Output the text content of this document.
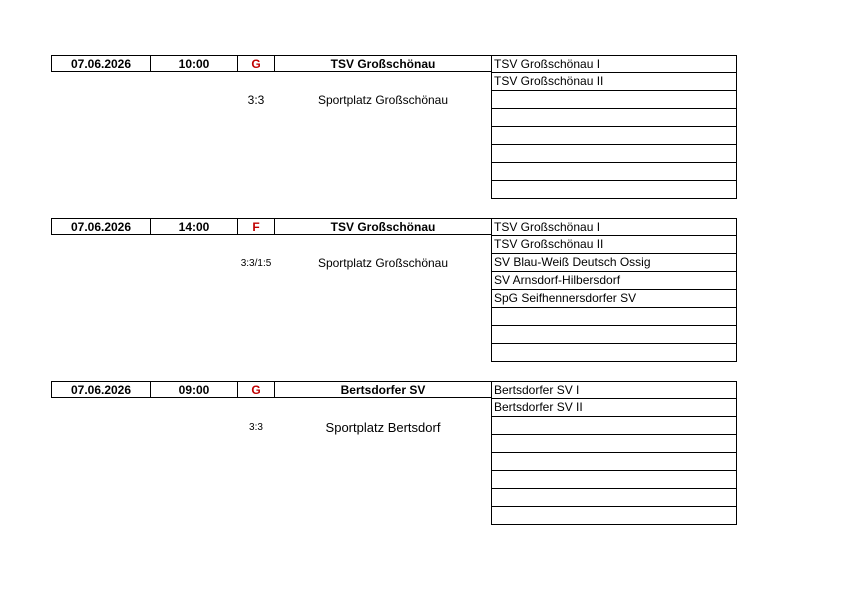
07.06.2026	10:00	G	TSV Großschönau
3:3	Sportplatz Großschönau
TSV Großschönau I
TSV Großschönau II
07.06.2026	14:00	F	TSV Großschönau
3:3/1:5	Sportplatz Großschönau
TSV Großschönau I
TSV Großschönau II
SV Blau-Weiß Deutsch Ossig
SV Arnsdorf-Hilbersdorf
SpG Seifhennersdorfer SV
07.06.2026	09:00	G	Bertsdorfer SV
3:3	Sportplatz Bertsdorf
Bertsdorfer SV I
Bertsdorfer SV II
